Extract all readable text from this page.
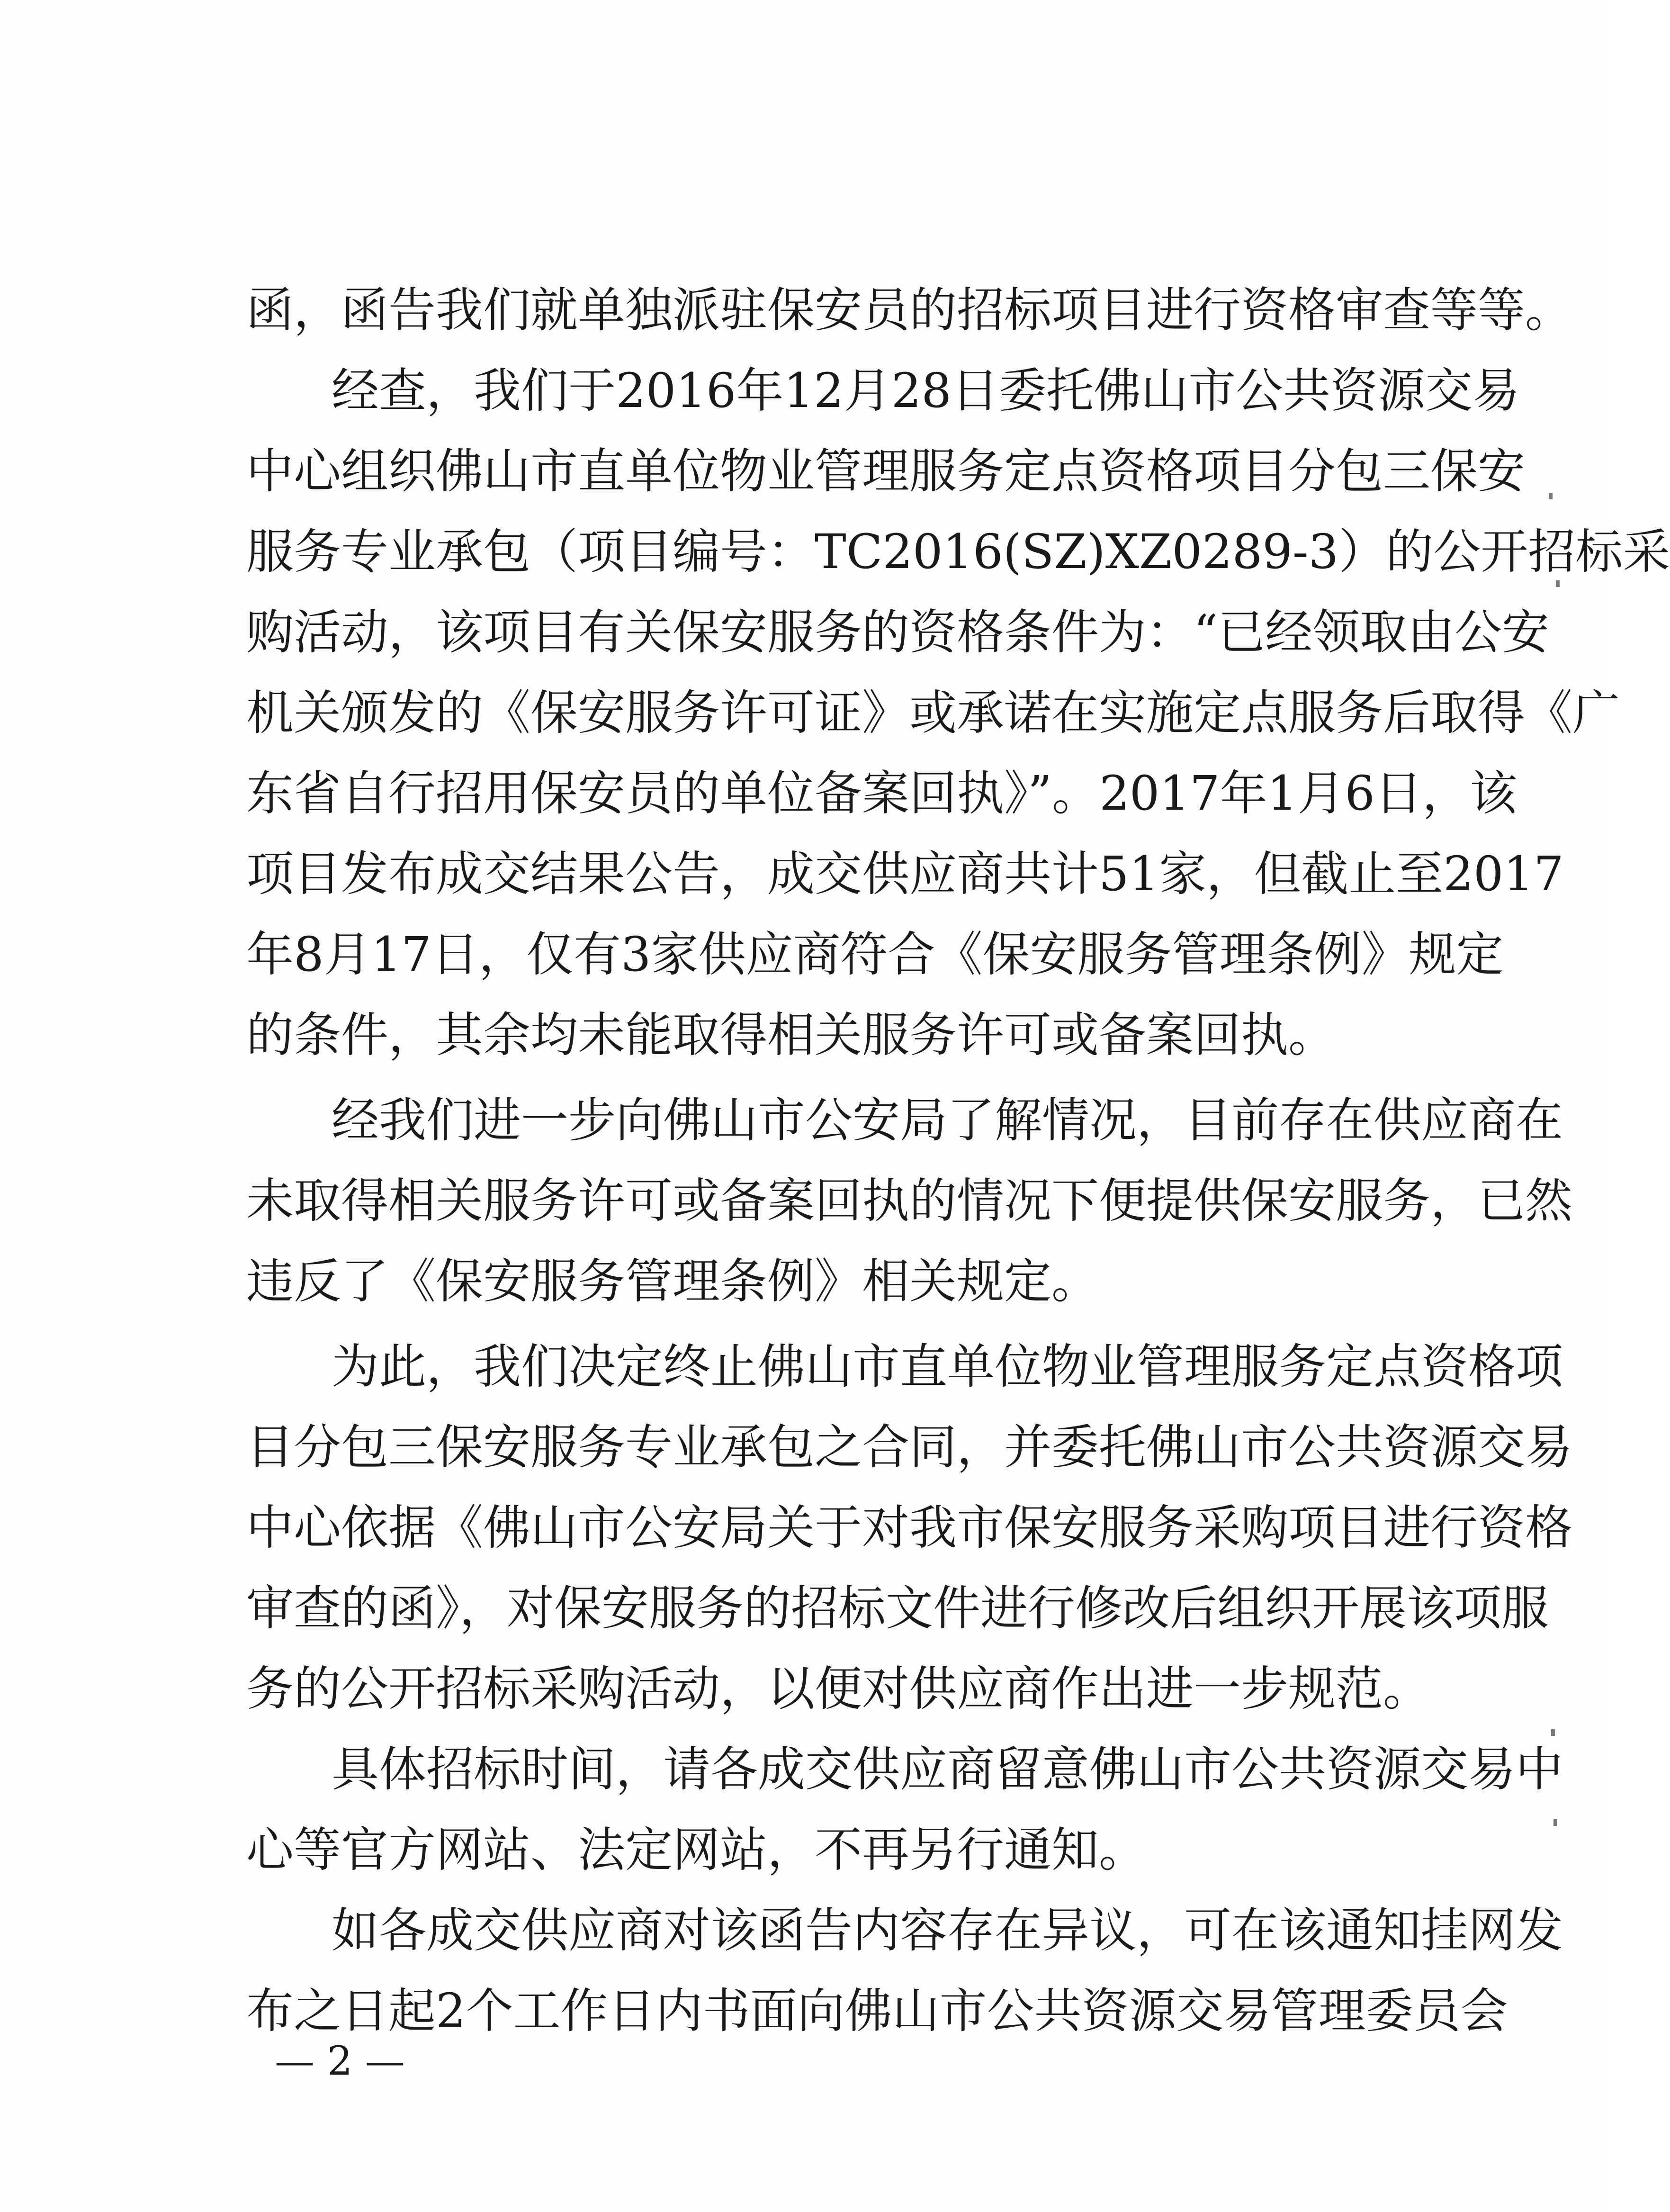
函，函告我们就单独派驻保安员的招标项目进行资格审查等等。
经查，我们于2016年12月28日委托佛山市公共资源交易
中心组织佛山市直单位物业管理服务定点资格项目分包三保安
服务专业承包（项目编号：TC2016(SZ)XZ0289-3）的公开招标采
购活动，该项目有关保安服务的资格条件为：“已经领取由公安
机关颁发的《保安服务许可证》或承诺在实施定点服务后取得《广
东省自行招用保安员的单位备案回执》”。2017年1月6日，该
项目发布成交结果公告，成交供应商共计51家，但截止至2017
年8月17日，仅有3家供应商符合《保安服务管理条例》规定
的条件，其余均未能取得相关服务许可或备案回执。
经我们进一步向佛山市公安局了解情况，目前存在供应商在
未取得相关服务许可或备案回执的情况下便提供保安服务，已然
违反了《保安服务管理条例》相关规定。
为此，我们决定终止佛山市直单位物业管理服务定点资格项
目分包三保安服务专业承包之合同，并委托佛山市公共资源交易
中心依据《佛山市公安局关于对我市保安服务采购项目进行资格
审查的函》，对保安服务的招标文件进行修改后组织开展该项服
务的公开招标采购活动，以便对供应商作出进一步规范。
具体招标时间，请各成交供应商留意佛山市公共资源交易中
心等官方网站、法定网站，不再另行通知。
如各成交供应商对该函告内容存在异议，可在该通知挂网发
布之日起2个工作日内书面向佛山市公共资源交易管理委员会
— 2 —
